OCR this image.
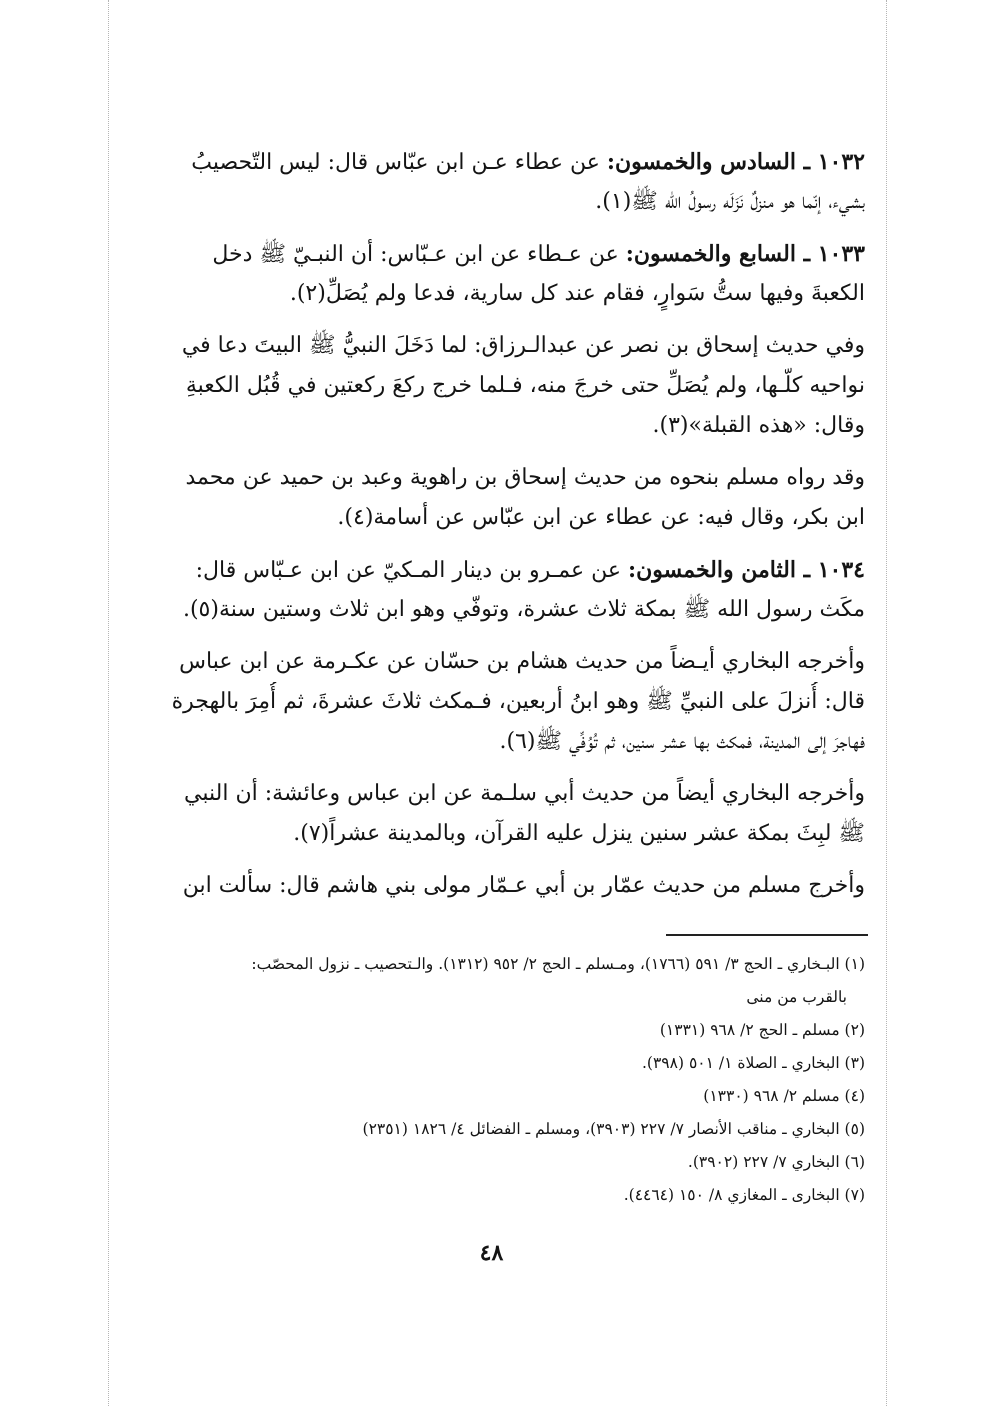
١٠٣٢ ـ السادس والخمسون: عن عطاء عـن ابن عبّاس قال: ليس التّحصيبُ
بشيء، إنّما هو منزلٌ نَزَلَه رسولُ الله ﷺ(١).
١٠٣٣ ـ السابع والخمسون: عن عـطاء عن ابن عـبّاس: أن النبـيّ ﷺ دخل
الكعبةَ وفيها ستُّ سَوارٍ، فقام عند كل سارية، فدعا ولم يُصَلِّ(٢).
وفي حديث إسحاق بن نصر عن عبدالـرزاق: لما دَخَلَ النبيُّ ﷺ البيتَ دعا في
نواحيه كلّـها، ولم يُصَلِّ حتى خرجَ منه، فـلما خرج ركعَ ركعتين في قُبُل الكعبةِ
وقال: «هذه القبلة»(٣).
وقد رواه مسلم بنحوه من حديث إسحاق بن راهوية وعبد بن حميد عن محمد
ابن بكر، وقال فيه: عن عطاء عن ابن عبّاس عن أسامة(٤).
١٠٣٤ ـ الثامن والخمسون: عن عمـرو بن دينار المـكيّ عن ابن عـبّاس قال:
مكَث رسول الله ﷺ بمكة ثلاث عشرة، وتوفّي وهو ابن ثلاث وستين سنة(٥).
وأخرجه البخاري أيـضاً من حديث هشام بن حسّان عن عكـرمة عن ابن عباس
قال: أُنزلَ على النبيِّ ﷺ وهو ابنُ أربعين، فـمكث ثلاثَ عشرةَ، ثم أُمِرَ بالهجرة
فهاجرَ إلى المدينة، فمكث بها عشر سنين، ثم تُوُفِّي ﷺ(٦).
وأخرجه البخاري أيضاً من حديث أبي سلـمة عن ابن عباس وعائشة: أن النبي
ﷺ لبِثَ بمكة عشر سنين ينزل عليه القرآن، وبالمدينة عشراً(٧).
وأخرج مسلم من حديث عمّار بن أبي عـمّار مولى بني هاشم قال: سألت ابن
(١) البـخاري ـ الحج ٣/ ٥٩١ (١٧٦٦)، ومـسلم ـ الحج ٢/ ٩٥٢ (١٣١٢). والـتحصيب ـ نزول المحصّب:
بالقرب من منى
(٢) مسلم ـ الحج ٢/ ٩٦٨ (١٣٣١)
(٣) البخاري ـ الصلاة ١/ ٥٠١ (٣٩٨).
(٤) مسلم ٢/ ٩٦٨ (١٣٣٠)
(٥) البخاري ـ مناقب الأنصار ٧/ ٢٢٧ (٣٩٠٣)، ومسلم ـ الفضائل ٤/ ١٨٢٦ (٢٣٥١)
(٦) البخاري ٧/ ٢٢٧ (٣٩٠٢).
(٧) البخارى ـ المغازي ٨/ ١٥٠ (٤٤٦٤).
٤٨
